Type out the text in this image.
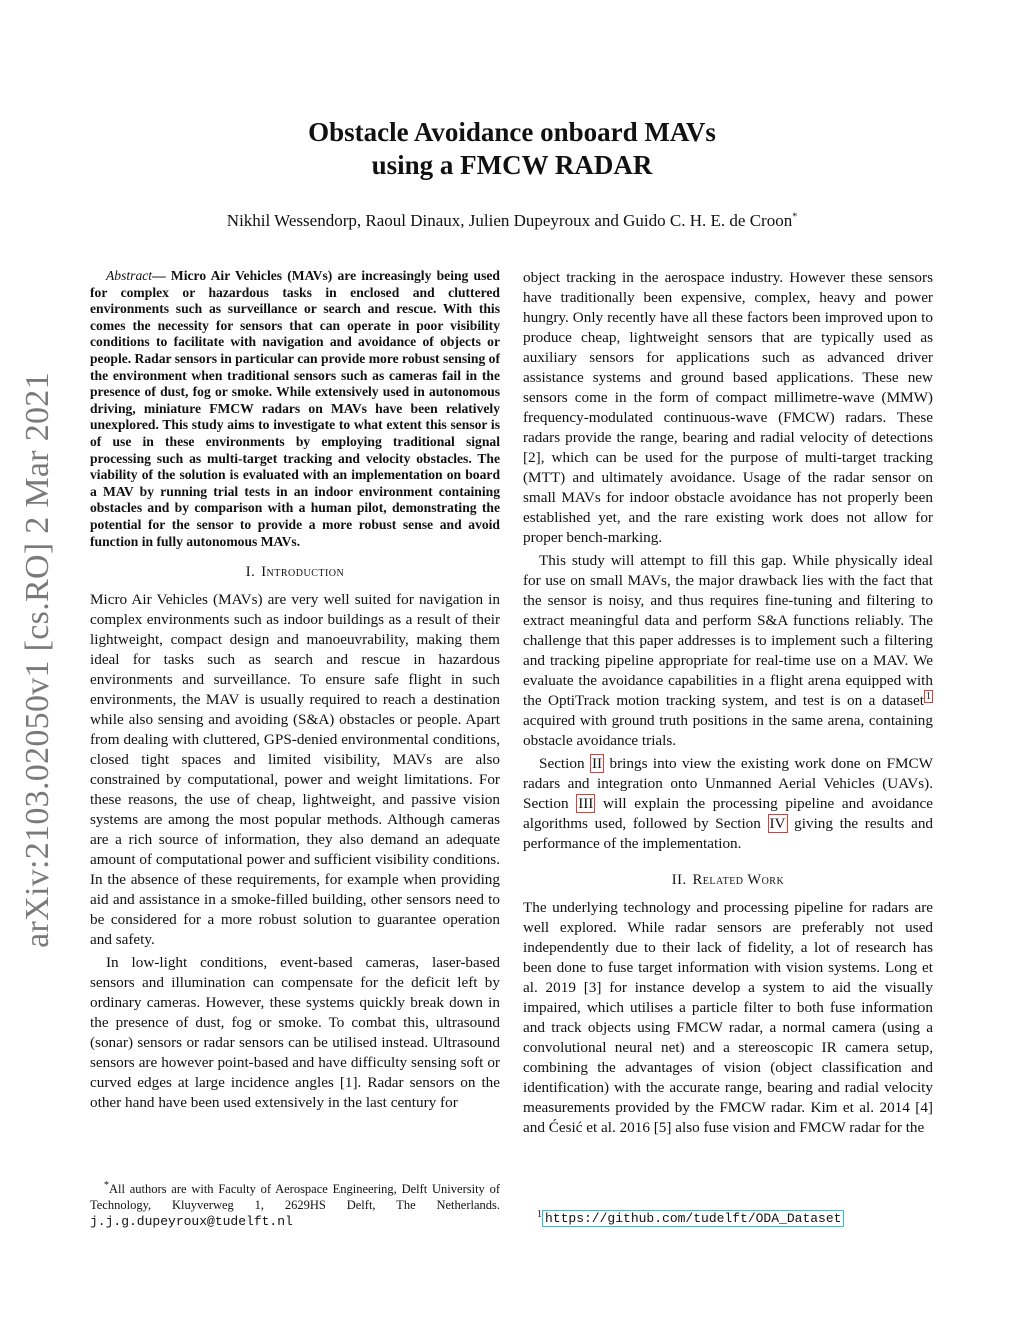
arXiv:2103.02050v1 [cs.RO] 2 Mar 2021
Obstacle Avoidance onboard MAVs
using a FMCW RADAR
Nikhil Wessendorp, Raoul Dinaux, Julien Dupeyroux and Guido C. H. E. de Croon*

Abstract— Micro Air Vehicles (MAVs) are increasingly being used for complex or hazardous tasks in enclosed and cluttered environments such as surveillance or search and rescue. With this comes the necessity for sensors that can operate in poor visibility conditions to facilitate with navigation and avoidance of objects or people. Radar sensors in particular can provide more robust sensing of the environment when traditional sensors such as cameras fail in the presence of dust, fog or smoke. While extensively used in autonomous driving, miniature FMCW radars on MAVs have been relatively unexplored. This study aims to investigate to what extent this sensor is of use in these environments by employing traditional signal processing such as multi-target tracking and velocity obstacles. The viability of the solution is evaluated with an implementation on board a MAV by running trial tests in an indoor environment containing obstacles and by comparison with a human pilot, demonstrating the potential for the sensor to provide a more robust sense and avoid function in fully autonomous MAVs.

I. Introduction

Micro Air Vehicles (MAVs) are very well suited for navigation in complex environments such as indoor buildings as a result of their lightweight, compact design and manoeuvrability, making them ideal for tasks such as search and rescue in hazardous environments and surveillance. To ensure safe flight in such environments, the MAV is usually required to reach a destination while also sensing and avoiding (S&A) obstacles or people. Apart from dealing with cluttered, GPS-denied environmental conditions, closed tight spaces and limited visibility, MAVs are also constrained by computational, power and weight limitations. For these reasons, the use of cheap, lightweight, and passive vision systems are among the most popular methods. Although cameras are a rich source of information, they also demand an adequate amount of computational power and sufficient visibility conditions. In the absence of these requirements, for example when providing aid and assistance in a smoke-filled building, other sensors need to be considered for a more robust solution to guarantee operation and safety.

In low-light conditions, event-based cameras, laser-based sensors and illumination can compensate for the deficit left by ordinary cameras. However, these systems quickly break down in the presence of dust, fog or smoke. To combat this, ultrasound (sonar) sensors or radar sensors can be utilised instead. Ultrasound sensors are however point-based and have difficulty sensing soft or curved edges at large incidence angles [1]. Radar sensors on the other hand have been used extensively in the last century for

object tracking in the aerospace industry. However these sensors have traditionally been expensive, complex, heavy and power hungry. Only recently have all these factors been improved upon to produce cheap, lightweight sensors that are typically used as auxiliary sensors for applications such as advanced driver assistance systems and ground based applications. These new sensors come in the form of compact millimetre-wave (MMW) frequency-modulated continuous-wave (FMCW) radars. These radars provide the range, bearing and radial velocity of detections [2], which can be used for the purpose of multi-target tracking (MTT) and ultimately avoidance. Usage of the radar sensor on small MAVs for indoor obstacle avoidance has not properly been established yet, and the rare existing work does not allow for proper bench-marking.

This study will attempt to fill this gap. While physically ideal for use on small MAVs, the major drawback lies with the fact that the sensor is noisy, and thus requires fine-tuning and filtering to extract meaningful data and perform S&A functions reliably. The challenge that this paper addresses is to implement such a filtering and tracking pipeline appropriate for real-time use on a MAV. We evaluate the avoidance capabilities in a flight arena equipped with the OptiTrack motion tracking system, and test is on a dataset $^1$ acquired with ground truth positions in the same arena, containing obstacle avoidance trials.

Section II brings into view the existing work done on FMCW radars and integration onto Unmanned Aerial Vehicles (UAVs). Section III will explain the processing pipeline and avoidance algorithms used, followed by Section IV giving the results and performance of the implementation.

II. Related Work

The underlying technology and processing pipeline for radars are well explored. While radar sensors are preferably not used independently due to their lack of fidelity, a lot of research has been done to fuse target information with vision systems. Long et al. 2019 [3] for instance develop a system to aid the visually impaired, which utilises a particle filter to both fuse information and track objects using FMCW radar, a normal camera (using a convolutional neural net) and a stereoscopic IR camera setup, combining the advantages of vision (object classification and identification) with the accurate range, bearing and radial velocity measurements provided by the FMCW radar. Kim et al. 2014 [4] and Ćesić et al. 2016 [5] also fuse vision and FMCW radar for the

*All authors are with Faculty of Aerospace Engineering, Delft University of Technology, Kluyverweg 1, 2629HS Delft, The Netherlands. j.j.g.dupeyroux@tudelft.nl	$^1$ https://github.com/tudelft/ODA_Dataset
